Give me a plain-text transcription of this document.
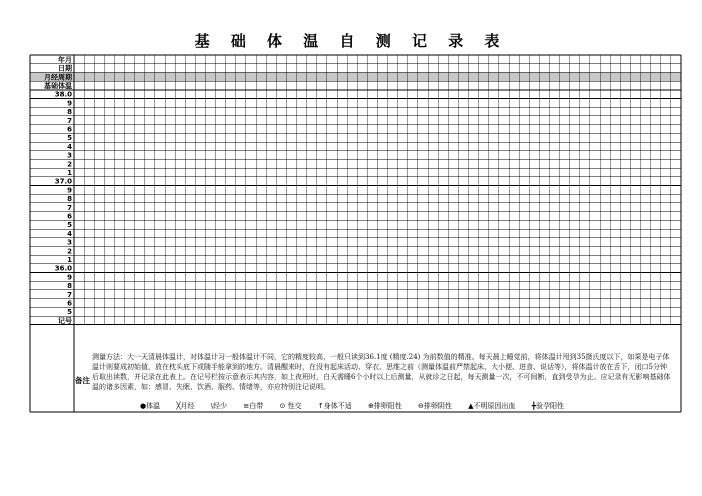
基 础 体 温 自 测 记 录 表
年月
日期
月经周期
基础体温
38.0
9
8
7
6
5
4
3
2
1
37.0
9
8
7
6
5
4
3
2
1
36.0
9
8
7
6
5
记号
测量方法：大一天清晨体温计，对体温计习一般体温计不同，它的精度较高，一般只读到36.1度 (精度.24) 为前数值的精准。每天晨上睡觉前，将体温计甩到35摄氏度以下，如果是电子体温计则要成初始值，放在枕头底下或随手能拿到的地方。清晨醒来时，在没有起床活动、穿衣、思维之前（测量体温前严禁起床、大小便、进食、说话等），将体温计放在舌下，闭口5分钟后取出读数，并记录在此表上。在记号栏按示意表示其内容，如上夜班时，白天需睡6个小时以上后测量，从就诊之日起，每天测量一次，不可间断，直到受孕为止。应记录有无影响基础体温的诸多因素，如：感冒、失眠、饮酒、服药、情绪等，亦应特别注记说明。
备注
●体温 ╳月经 \经少 ≡白带 ⊙ 性交 ↑身体不适 ⊕排卵阳性 ⊖排卵阴性 ▲不明原因出血 ╋验孕阳性
